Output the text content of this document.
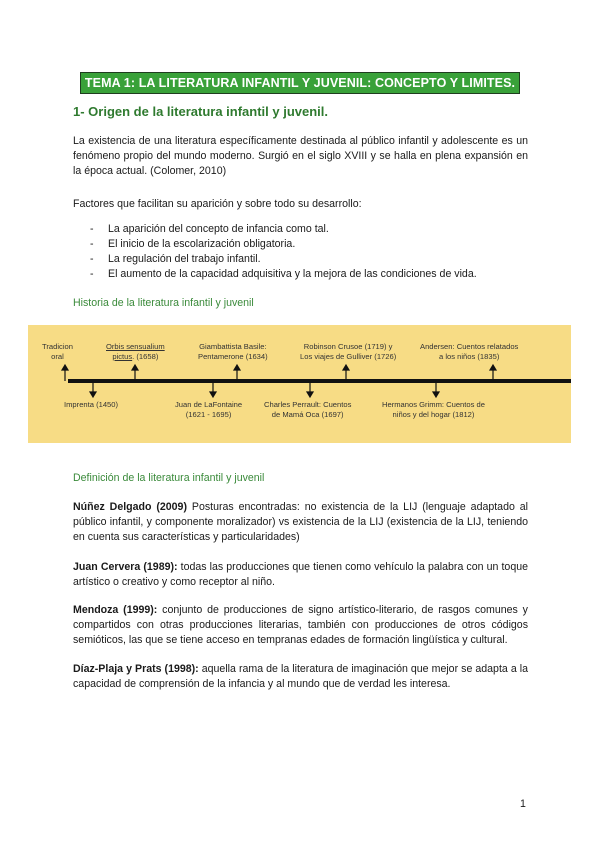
TEMA 1: LA LITERATURA INFANTIL Y JUVENIL: CONCEPTO Y LIMITES.
1- Origen de la literatura infantil y juvenil.
La existencia de una literatura específicamente destinada al público infantil y adolescente es un fenómeno propio del mundo moderno. Surgió en el siglo XVIII y se halla en plena expansión en la época actual. (Colomer, 2010)
Factores que facilitan su aparición y sobre todo su desarrollo:
- La aparición del concepto de infancia como tal.
- El inicio de la escolarización obligatoria.
- La regulación del trabajo infantil.
- El aumento de la capacidad adquisitiva y la mejora de las condiciones de vida.
Historia de la literatura infantil y juvenil
Tradicion
oral
Orbis sensualium
pictus. (1658)
Giambattista Basile:
Pentamerone (1634)
Robinson Crusoe (1719) y
Los viajes de Gulliver (1726)
Andersen: Cuentos relatados
a los niños (1835)
Imprenta (1450)	Juan de LaFontaine
(1621 - 1695)
Charles Perrault: Cuentos
de Mamá Oca (1697)
Hermanos Grimm: Cuentos de
niños y del hogar (1812)
Definición de la literatura infantil y juvenil
Núñez Delgado (2009) Posturas encontradas: no existencia de la LIJ (lenguaje adaptado al público infantil, y componente moralizador) vs existencia de la LIJ (existencia de la LIJ, teniendo en cuenta sus características y particularidades)
Juan Cervera (1989): todas las producciones que tienen como vehículo la palabra con un toque artístico o creativo y como receptor al niño.
Mendoza (1999): conjunto de producciones de signo artístico-literario, de rasgos comunes y compartidos con otras producciones literarias, también con producciones de otros códigos semióticos, las que se tiene acceso en tempranas edades de formación lingüística y cultural.
Díaz-Plaja y Prats (1998): aquella rama de la literatura de imaginación que mejor se adapta a la capacidad de comprensión de la infancia y al mundo que de verdad les interesa.
1
